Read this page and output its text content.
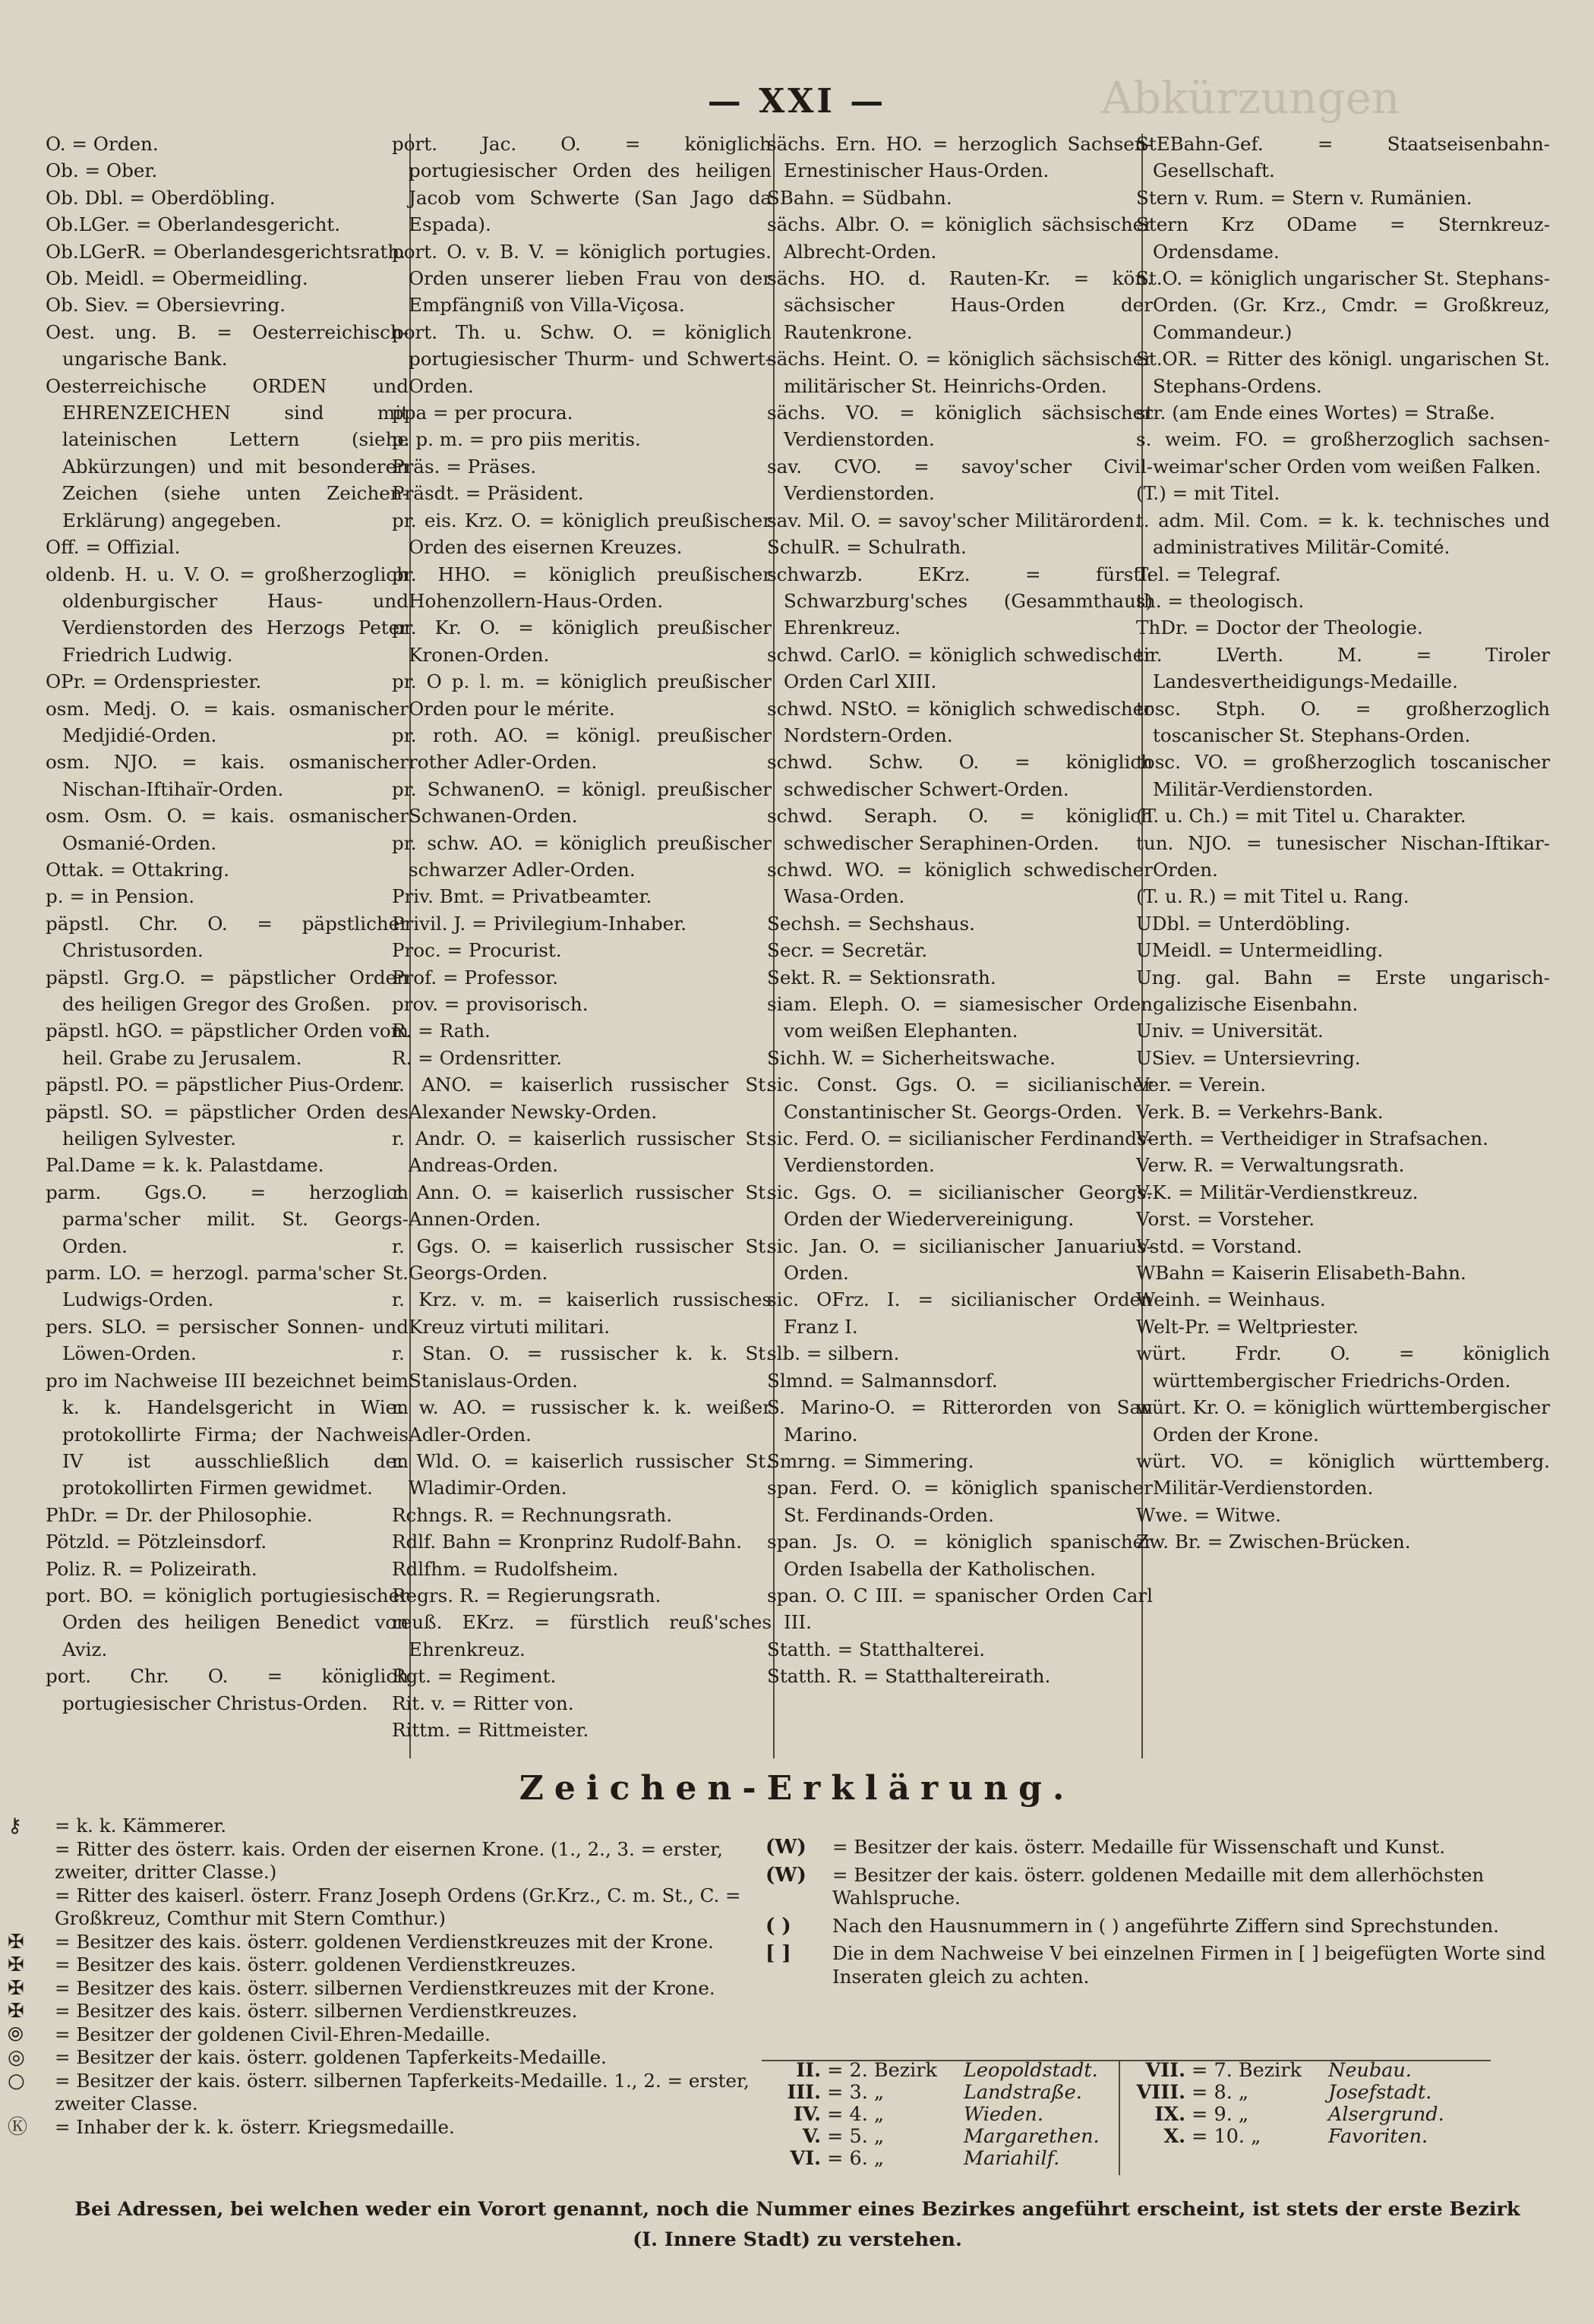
Abkürzungen
— XXI —

O. = Orden.

Ob. = Ober.

Ob. Dbl. = Oberdöbling.

Ob.LGer. = Oberlandesgericht.

Ob.LGerR. = Oberlandesgerichtsrath.

Ob. Meidl. = Obermeidling.

Ob. Siev. = Obersievring.

Oest. ung. B. = Oesterreichisch-ungarische Bank.

Oesterreichische ORDEN und EHRENZEICHEN sind mit lateinischen Lettern (siehe Abkürzungen) und mit besonderen Zeichen (siehe unten Zeichen-Erklärung) angegeben.

Off. = Offizial.

oldenb. H. u. V. O. = großherzoglich oldenburgischer Haus- und Verdienstorden des Herzogs Peter Friedrich Ludwig.

OPr. = Ordenspriester.

osm. Medj. O. = kais. osmanischer Medjidié-Orden.

osm. NJO. = kais. osmanischer Nischan-Iftihaïr-Orden.

osm. Osm. O. = kais. osmanischer Osmanié-Orden.

Ottak. = Ottakring.

p. = in Pension.

päpstl. Chr. O. = päpstlicher Christusorden.

päpstl. Grg.O. = päpstlicher Orden des heiligen Gregor des Großen.

päpstl. hGO. = päpstlicher Orden vom heil. Grabe zu Jerusalem.

päpstl. PO. = päpstlicher Pius-Orden.

päpstl. SO. = päpstlicher Orden des heiligen Sylvester.

Pal.Dame = k. k. Palastdame.

parm. Ggs.O. = herzoglich parma'scher milit. St. Georgs-Orden.

parm. LO. = herzogl. parma'scher St. Ludwigs-Orden.

pers. SLO. = persischer Sonnen- und Löwen-Orden.

pro im Nachweise III bezeichnet beim k. k. Handelsgericht in Wien protokollirte Firma; der Nachweis IV ist ausschließlich den protokollirten Firmen gewidmet.

PhDr. = Dr. der Philosophie.

Pötzld. = Pötzleinsdorf.

Poliz. R. = Polizeirath.

port. BO. = königlich portugiesischer Orden des heiligen Benedict von Aviz.

port. Chr. O. = königlich portugiesischer Christus-Orden.

port. Jac. O. = königlich portugiesischer Orden des heiligen Jacob vom Schwerte (San Jago da Espada).

port. O. v. B. V. = königlich portugies. Orden unserer lieben Frau von der Empfängniß von Villa-Viçosa.

port. Th. u. Schw. O. = königlich portugiesischer Thurm- und Schwert-Orden.

ppa = per procura.

p. p. m. = pro piis meritis.

Präs. = Präses.

Präsdt. = Präsident.

pr. eis. Krz. O. = königlich preußischer Orden des eisernen Kreuzes.

pr. HHO. = königlich preußischer Hohenzollern-Haus-Orden.

pr. Kr. O. = königlich preußischer Kronen-Orden.

pr. O p. l. m. = königlich preußischer Orden pour le mérite.

pr. roth. AO. = königl. preußischer rother Adler-Orden.

pr. SchwanenO. = königl. preußischer Schwanen-Orden.

pr. schw. AO. = königlich preußischer schwarzer Adler-Orden.

Priv. Bmt. = Privatbeamter.

Privil. J. = Privilegium-Inhaber.

Proc. = Procurist.

Prof. = Professor.

prov. = provisorisch.

R. = Rath.

R. = Ordensritter.

r. ANO. = kaiserlich russischer St. Alexander Newsky-Orden.

r. Andr. O. = kaiserlich russischer St. Andreas-Orden.

r. Ann. O. = kaiserlich russischer St. Annen-Orden.

r. Ggs. O. = kaiserlich russischer St. Georgs-Orden.

r. Krz. v. m. = kaiserlich russisches Kreuz virtuti militari.

r. Stan. O. = russischer k. k. St. Stanislaus-Orden.

r. w. AO. = russischer k. k. weißer Adler-Orden.

r. Wld. O. = kaiserlich russischer St. Wladimir-Orden.

Rchngs. R. = Rechnungsrath.

Rdlf. Bahn = Kronprinz Rudolf-Bahn.

Rdlfhm. = Rudolfsheim.

Regrs. R. = Regierungsrath.

reuß. EKrz. = fürstlich reuß'sches Ehrenkreuz.

Rgt. = Regiment.

Rit. v. = Ritter von.

Rittm. = Rittmeister.

sächs. Ern. HO. = herzoglich Sachsen-Ernestinischer Haus-Orden.

SBahn. = Südbahn.

sächs. Albr. O. = königlich sächsischer Albrecht-Orden.

sächs. HO. d. Rauten-Kr. = kön. sächsischer Haus-Orden der Rautenkrone.

sächs. Heint. O. = königlich sächsischer militärischer St. Heinrichs-Orden.

sächs. VO. = königlich sächsischer Verdienstorden.

sav. CVO. = savoy'scher Civil-Verdienstorden.

sav. Mil. O. = savoy'scher Militärorden.

SchulR. = Schulrath.

schwarzb. EKrz. = fürstl. Schwarzburg'sches (Gesammthaus) Ehrenkreuz.

schwd. CarlO. = königlich schwedischer Orden Carl XIII.

schwd. NStO. = königlich schwedischer Nordstern-Orden.

schwd. Schw. O. = königlich schwedischer Schwert-Orden.

schwd. Seraph. O. = königlich schwedischer Seraphinen-Orden.

schwd. WO. = königlich schwedischer Wasa-Orden.

Sechsh. = Sechshaus.

Secr. = Secretär.

Sekt. R. = Sektionsrath.

siam. Eleph. O. = siamesischer Orden vom weißen Elephanten.

Sichh. W. = Sicherheitswache.

sic. Const. Ggs. O. = sicilianischer Constantinischer St. Georgs-Orden.

sic. Ferd. O. = sicilianischer Ferdinands-Verdienstorden.

sic. Ggs. O. = sicilianischer Georgs-Orden der Wiedervereinigung.

sic. Jan. O. = sicilianischer Januarius-Orden.

sic. OFrz. I. = sicilianischer Orden Franz I.

slb. = silbern.

Slmnd. = Salmannsdorf.

S. Marino-O. = Ritterorden von San Marino.

Smrng. = Simmering.

span. Ferd. O. = königlich spanischer St. Ferdinands-Orden.

span. Js. O. = königlich spanischer Orden Isabella der Katholischen.

span. O. C III. = spanischer Orden Carl III.

Statth. = Statthalterei.

Statth. R. = Statthaltereirath.

StEBahn-Gef. = Staatseisenbahn-Gesellschaft.

Stern v. Rum. = Stern v. Rumänien.

Stern Krz ODame = Sternkreuz-Ordensdame.

St.O. = königlich ungarischer St. Stephans-Orden. (Gr. Krz., Cmdr. = Großkreuz, Commandeur.)

St.OR. = Ritter des königl. ungarischen St. Stephans-Ordens.

str. (am Ende eines Wortes) = Straße.

s. weim. FO. = großherzoglich sachsen-weimar'scher Orden vom weißen Falken.

(T.) = mit Titel.

t. adm. Mil. Com. = k. k. technisches und administratives Militär-Comité.

Tel. = Telegraf.

th. = theologisch.

ThDr. = Doctor der Theologie.

tir. LVerth. M. = Tiroler Landesvertheidigungs-Medaille.

tosc. Stph. O. = großherzoglich toscanischer St. Stephans-Orden.

tosc. VO. = großherzoglich toscanischer Militär-Verdienstorden.

(T. u. Ch.) = mit Titel u. Charakter.

tun. NJO. = tunesischer Nischan-Iftikar-Orden.

(T. u. R.) = mit Titel u. Rang.

UDbl. = Unterdöbling.

UMeidl. = Untermeidling.

Ung. gal. Bahn = Erste ungarisch-galizische Eisenbahn.

Univ. = Universität.

USiev. = Untersievring.

Ver. = Verein.

Verk. B. = Verkehrs-Bank.

Verth. = Vertheidiger in Strafsachen.

Verw. R. = Verwaltungsrath.

V.K. = Militär-Verdienstkreuz.

Vorst. = Vorsteher.

Vstd. = Vorstand.

WBahn = Kaiserin Elisabeth-Bahn.

Weinh. = Weinhaus.

Welt-Pr. = Weltpriester.

würt. Frdr. O. = königlich württembergischer Friedrichs-Orden.

würt. Kr. O. = königlich württembergischer Orden der Krone.

würt. VO. = königlich württemberg. Militär-Verdienstorden.

Wwe. = Witwe.

Zw. Br. = Zwischen-Brücken.

Zeichen-Erklärung.
⚷	= k. k. Kämmerer.
= Ritter des österr. kais. Orden der eisernen Krone. (1., 2., 3. = erster, zweiter, dritter Classe.)
= Ritter des kaiserl. österr. Franz Joseph Ordens (Gr.Krz., C. m. St., C. = Großkreuz, Comthur mit Stern Comthur.)
✠	= Besitzer des kais. österr. goldenen Verdienstkreuzes mit der Krone.
✠	= Besitzer des kais. österr. goldenen Verdienstkreuzes.
✠	= Besitzer des kais. österr. silbernen Verdienstkreuzes mit der Krone.
✠	= Besitzer des kais. österr. silbernen Verdienstkreuzes.
⦾	= Besitzer der goldenen Civil-Ehren-Medaille.
◎	= Besitzer der kais. österr. goldenen Tapferkeits-Medaille.
○	= Besitzer der kais. österr. silbernen Tapferkeits-Medaille. 1., 2. = erster, zweiter Classe.
Ⓚ	= Inhaber der k. k. österr. Kriegsmedaille.
(W)	= Besitzer der kais. österr. Medaille für Wissenschaft und Kunst.
(W)	= Besitzer der kais. österr. goldenen Medaille mit dem allerhöchsten Wahlspruche.
( )	Nach den Hausnummern in ( ) angeführte Ziffern sind Sprechstunden.
[ ]	Die in dem Nachweise V bei einzelnen Firmen in [ ] beigefügten Worte sind Inseraten gleich zu achten.
II. = 2. Bezirk Leopoldstadt.
III. = 3. „	Landstraße.
IV. = 4. „	Wieden.
V. = 5. „	Margarethen.
VI. = 6. „	Mariahilf.
VII. = 7. Bezirk Neubau.
VIII. = 8. „	Josefstadt.
IX. = 9. „	Alsergrund.
X. = 10. „	Favoriten.

Bei Adressen, bei welchen weder ein Vorort genannt, noch die Nummer eines Bezirkes angeführt erscheint, ist stets der erste Bezirk

(I. Innere Stadt) zu verstehen.
